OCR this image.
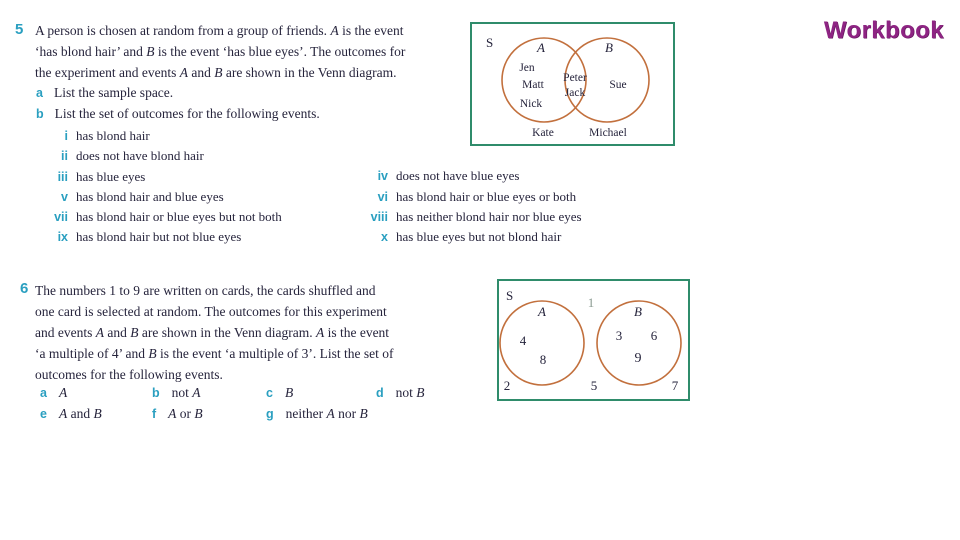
Workbook
5 A person is chosen at random from a group of friends. A is the event
‘has blond hair’ and B is the event ‘has blue eyes’. The outcomes for
the experiment and events A and B are shown in the Venn diagram.
a List the sample space.
b List the set of outcomes for the following events.
i has blond hair
ii does not have blond hair
iii has blue eyes
v has blond hair and blue eyes
vii has blond hair or blue eyes but not both
ix has blond hair but not blue eyes
iv does not have blue eyes
vi has blond hair or blue eyes or both
viii has neither blond hair nor blue eyes
x has blue eyes but not blond hair
S	A	B
Jen
Matt
Nick
Peter
Jack
Sue
Kate	Michael
6 The numbers 1 to 9 are written on cards, the cards shuffled and
one card is selected at random. The outcomes for this experiment
and events A and B are shown in the Venn diagram. A is the event
‘a multiple of 4’ and B is the event ‘a multiple of 3’. List the set of
outcomes for the following events.
a A	b not A	c B	d not B
e A and B	f A or B	g neither A nor B
S
A	B
1
4
8
3 6
9
2	5	7
